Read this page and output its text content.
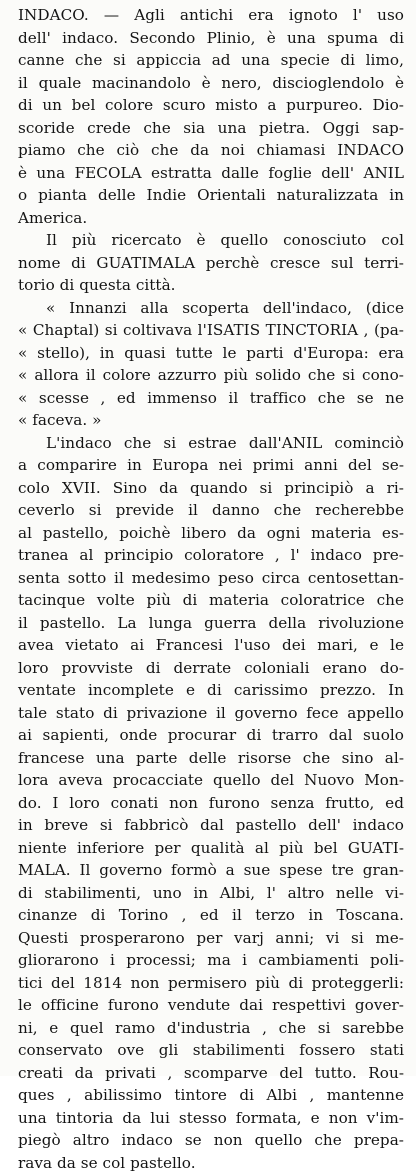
INDACO. — Agli antichi era ignoto l' uso
dell' indaco. Secondo Plinio, è una spuma di
canne che si appiccia ad una specie di limo,
il quale macinandolo è nero, discioglendolo è
di un bel colore scuro misto a purpureo. Dio-
scoride crede che sia una pietra. Oggi sap-
piamo che ciò che da noi chiamasi INDACO
è una FECOLA estratta dalle foglie dell' ANIL
o pianta delle Indie Orientali naturalizzata in
America.
Il più ricercato è quello conosciuto col
nome di GUATIMALA perchè cresce sul terri-
torio di questa città.
« Innanzi alla scoperta dell'indaco, (dice
« Chaptal) si coltivava l'ISATIS TINCTORIA , (pa-
« stello), in quasi tutte le parti d'Europa: era
« allora il colore azzurro più solido che si cono-
« scesse , ed immenso il traffico che se ne
« faceva. »
L'indaco che si estrae dall'ANIL cominciò
a comparire in Europa nei primi anni del se-
colo XVII. Sino da quando si principiò a ri-
ceverlo si previde il danno che recherebbe
al pastello, poichè libero da ogni materia es-
tranea al principio coloratore , l' indaco pre-
senta sotto il medesimo peso circa centosettan-
tacinque volte più di materia coloratrice che
il pastello. La lunga guerra della rivoluzione
avea vietato ai Francesi l'uso dei mari, e le
loro provviste di derrate coloniali erano do-
ventate incomplete e di carissimo prezzo. In
tale stato di privazione il governo fece appello
ai sapienti, onde procurar di trarro dal suolo
francese una parte delle risorse che sino al-
lora aveva procacciate quello del Nuovo Mon-
do. I loro conati non furono senza frutto, ed
in breve si fabbricò dal pastello dell' indaco
niente inferiore per qualità al più bel GUATI-
MALA. Il governo formò a sue spese tre gran-
di stabilimenti, uno in Albi, l' altro nelle vi-
cinanze di Torino , ed il terzo in Toscana.
Questi prosperarono per varj anni; vi si me-
gliorarono i processi; ma i cambiamenti poli-
tici del 1814 non permisero più di proteggerli:
le officine furono vendute dai respettivi gover-
ni, e quel ramo d'industria , che si sarebbe
conservato ove gli stabilimenti fossero stati
creati da privati , scomparve del tutto. Rou-
ques , abilissimo tintore di Albi , mantenne
una tintoria da lui stesso formata, e non v'im-
piegò altro indaco se non quello che prepa-
rava da se col pastello.
